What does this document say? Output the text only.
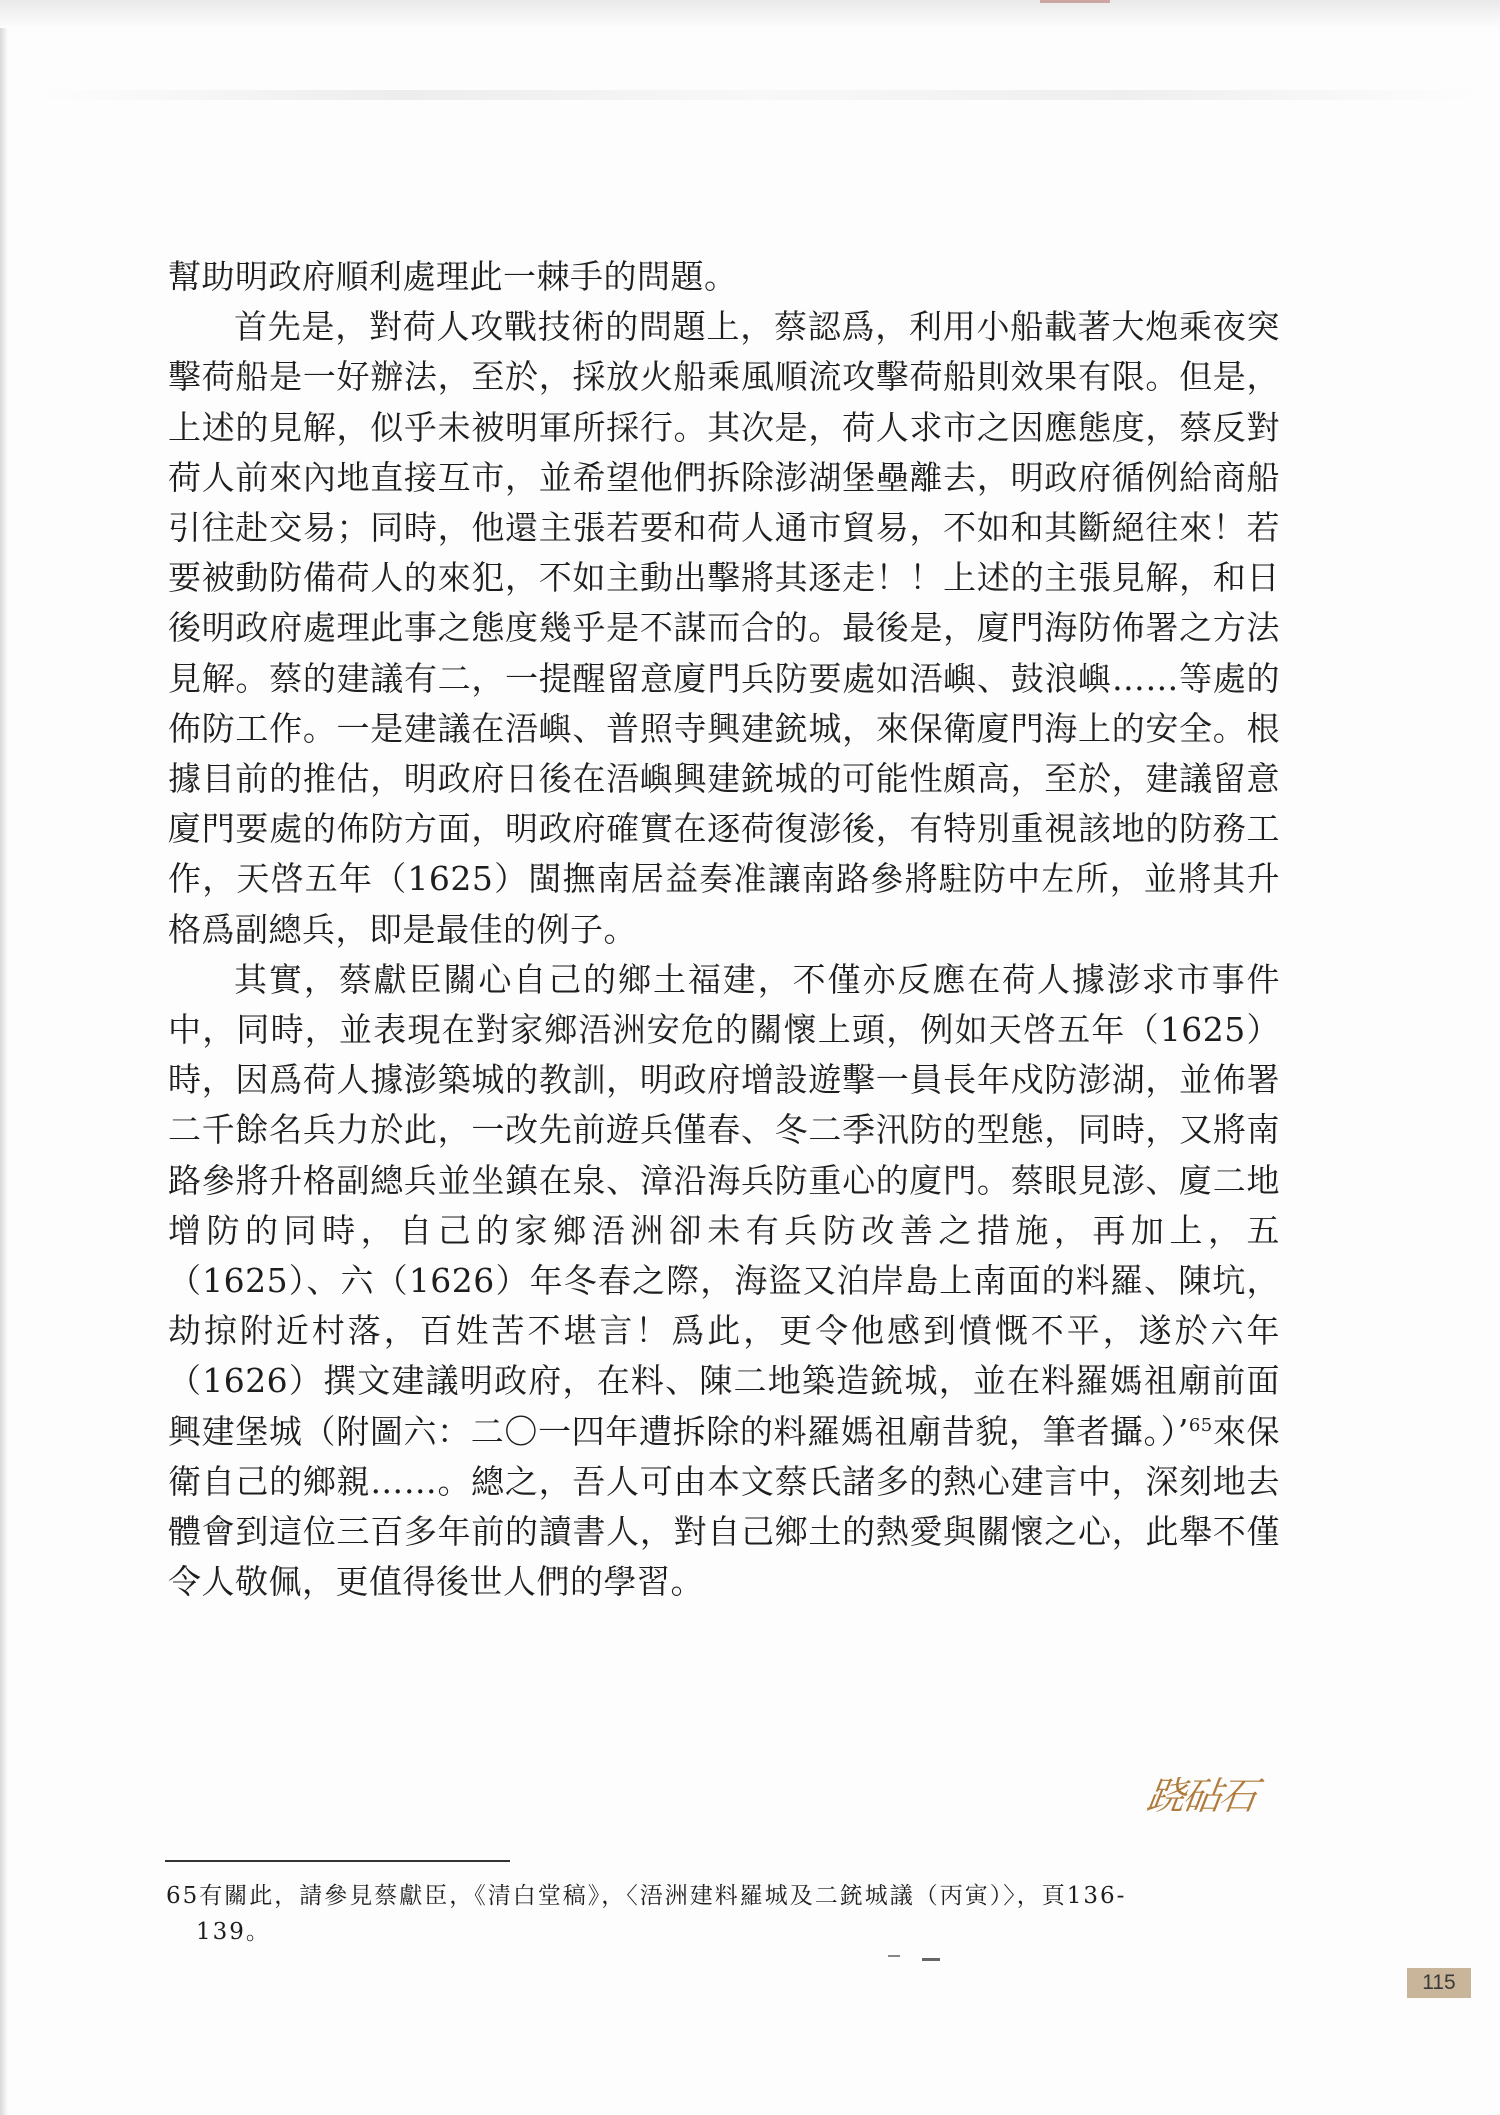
幫助明政府順利處理此一棘手的問題。

首先是，對荷人攻戰技術的問題上，蔡認爲，利用小船載著大炮乘夜突擊荷船是一好辦法，至於，採放火船乘風順流攻擊荷船則效果有限。但是，上述的見解，似乎未被明軍所採行。其次是，荷人求市之因應態度，蔡反對荷人前來內地直接互市，並希望他們拆除澎湖堡壘離去，明政府循例給商船引往赴交易；同時，他還主張若要和荷人通市貿易，不如和其斷絕往來！若要被動防備荷人的來犯，不如主動出擊將其逐走！！上述的主張見解，和日後明政府處理此事之態度幾乎是不謀而合的。最後是，廈門海防佈署之方法見解。蔡的建議有二，一提醒留意廈門兵防要處如浯嶼、鼓浪嶼……等處的佈防工作。一是建議在浯嶼、普照寺興建銃城，來保衛廈門海上的安全。根據目前的推估，明政府日後在浯嶼興建銃城的可能性頗高，至於，建議留意廈門要處的佈防方面，明政府確實在逐荷復澎後，有特別重視該地的防務工作，天啓五年（1625）閩撫南居益奏准讓南路參將駐防中左所，並將其升格爲副總兵，即是最佳的例子。

其實，蔡獻臣關心自己的鄉土福建，不僅亦反應在荷人據澎求市事件中，同時，並表現在對家鄉浯洲安危的關懷上頭，例如天啓五年（1625）時，因爲荷人據澎築城的教訓，明政府增設遊擊一員長年戍防澎湖，並佈署二千餘名兵力於此，一改先前遊兵僅春、冬二季汛防的型態，同時，又將南路參將升格副總兵並坐鎮在泉、漳沿海兵防重心的廈門。蔡眼見澎、廈二地增防的同時，自己的家鄉浯洲卻未有兵防改善之措施，再加上，五（1625）、六（1626）年冬春之際，海盜又泊岸島上南面的料羅、陳坑，劫掠附近村落，百姓苦不堪言！爲此，更令他感到憤慨不平，遂於六年（1626）撰文建議明政府，在料、陳二地築造銃城，並在料羅媽祖廟前面興建堡城（附圖六：二〇一四年遭拆除的料羅媽祖廟昔貌，筆者攝。）’$^{65}$來保衛自己的鄉親……。總之，吾人可由本文蔡氏諸多的熱心建言中，深刻地去體會到這位三百多年前的讀書人，對自己鄉土的熱愛與關懷之心，此舉不僅令人敬佩，更值得後世人們的學習。

跷砧石
65有關此，請參見蔡獻臣，《清白堂稿》，〈浯洲建料羅城及二銃城議（丙寅）〉，頁136-
139。
115
